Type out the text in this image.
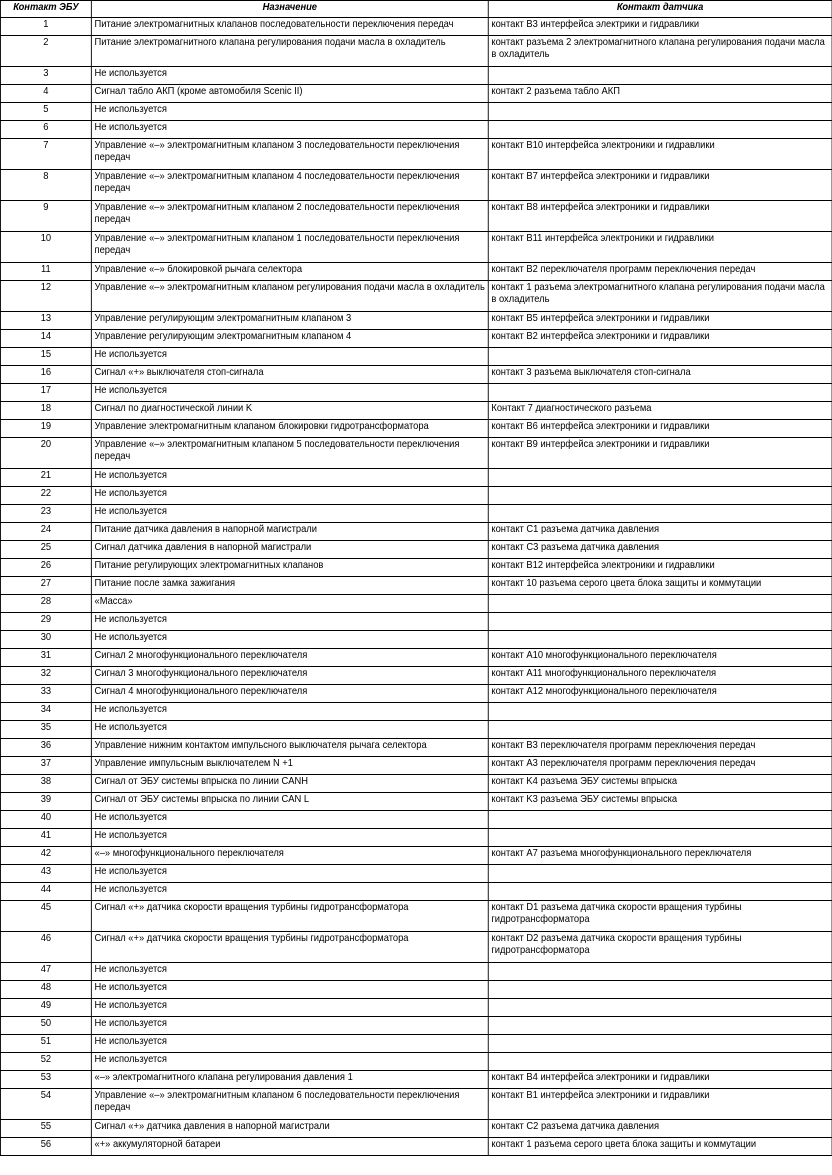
Контакт ЭБУ	Назначение	Контакт датчика
1	Питание электромагнитных клапанов последовательности переключения передач	контакт B3 интерфейса электрики и гидравлики
2	Питание электромагнитного клапана регулирования подачи масла в охладитель	контакт разъема 2 электромагнитного клапана регулирования подачи масла в охладитель
3	Не используется	
4	Сигнал табло АКП (кроме автомобиля Scenic II)	контакт 2 разъема табло АКП
5	Не используется	
6	Не используется	
7	Управление «–» электромагнитным клапаном 3 последовательности переключения передач	контакт B10 интерфейса электроники и гидравлики
8	Управление «–» электромагнитным клапаном 4 последовательности переключения передач	контакт B7 интерфейса электроники и гидравлики
9	Управление «–» электромагнитным клапаном 2 последовательности переключения передач	контакт B8 интерфейса электроники и гидравлики
10	Управление «–» электромагнитным клапаном 1 последовательности переключения передач	контакт B11 интерфейса электроники и гидравлики
11	Управление «–» блокировкой рычага селектора	контакт B2 переключателя программ переключения передач
12	Управление «–» электромагнитным клапаном регулирования подачи масла в охладитель	контакт 1 разъема электромагнитного клапана регулирования подачи масла в охладитель
13	Управление регулирующим электромагнитным клапаном 3	контакт B5 интерфейса электроники и гидравлики
14	Управление регулирующим электромагнитным клапаном 4	контакт B2 интерфейса электроники и гидравлики
15	Не используется	
16	Сигнал «+» выключателя стоп-сигнала	контакт 3 разъема выключателя стоп-сигнала
17	Не используется	
18	Сигнал по диагностической линии K	Контакт 7 диагностического разъема
19	Управление электромагнитным клапаном блокировки гидротрансформатора	контакт B6 интерфейса электроники и гидравлики
20	Управление «–» электромагнитным клапаном 5 последовательности переключения передач	контакт B9 интерфейса электроники и гидравлики
21	Не используется	
22	Не используется	
23	Не используется	
24	Питание датчика давления в напорной магистрали	контакт C1 разъема датчика давления
25	Сигнал датчика давления в напорной магистрали	контакт C3 разъема датчика давления
26	Питание регулирующих электромагнитных клапанов	контакт B12 интерфейса электроники и гидравлики
27	Питание после замка зажигания	контакт 10 разъема серого цвета блока защиты и коммутации
28	«Масса»	
29	Не используется	
30	Не используется	
31	Сигнал 2 многофункционального переключателя	контакт A10 многофункционального переключателя
32	Сигнал 3 многофункционального переключателя	контакт A11 многофункционального переключателя
33	Сигнал 4 многофункционального переключателя	контакт A12 многофункционального переключателя
34	Не используется	
35	Не используется	
36	Управление нижним контактом импульсного выключателя рычага селектора	контакт B3 переключателя программ переключения передач
37	Управление импульсным выключателем N +1	контакт A3 переключателя программ переключения передач
38	Сигнал от ЭБУ системы впрыска по линии CANH	контакт K4 разъема ЭБУ системы впрыска
39	Сигнал от ЭБУ системы впрыска по линии CAN L	контакт K3 разъема ЭБУ системы впрыска
40	Не используется	
41	Не используется	
42	«–» многофункционального переключателя	контакт A7 разъема многофункционального переключателя
43	Не используется	
44	Не используется	
45	Сигнал «+» датчика скорости вращения турбины гидротрансформатора	контакт D1 разъема датчика скорости вращения турбины гидротрансформатора
46	Сигнал «+» датчика скорости вращения турбины гидротрансформатора	контакт D2 разъема датчика скорости вращения турбины гидротрансформатора
47	Не используется	
48	Не используется	
49	Не используется	
50	Не используется	
51	Не используется	
52	Не используется	
53	«–» электромагнитного клапана регулирования давления 1	контакт B4 интерфейса электроники и гидравлики
54	Управление «–» электромагнитным клапаном 6 последовательности переключения передач	контакт B1 интерфейса электроники и гидравлики
55	Сигнал «+» датчика давления в напорной магистрали	контакт C2 разъема датчика давления
56	«+» аккумуляторной батареи	контакт 1 разъема серого цвета блока защиты и коммутации
